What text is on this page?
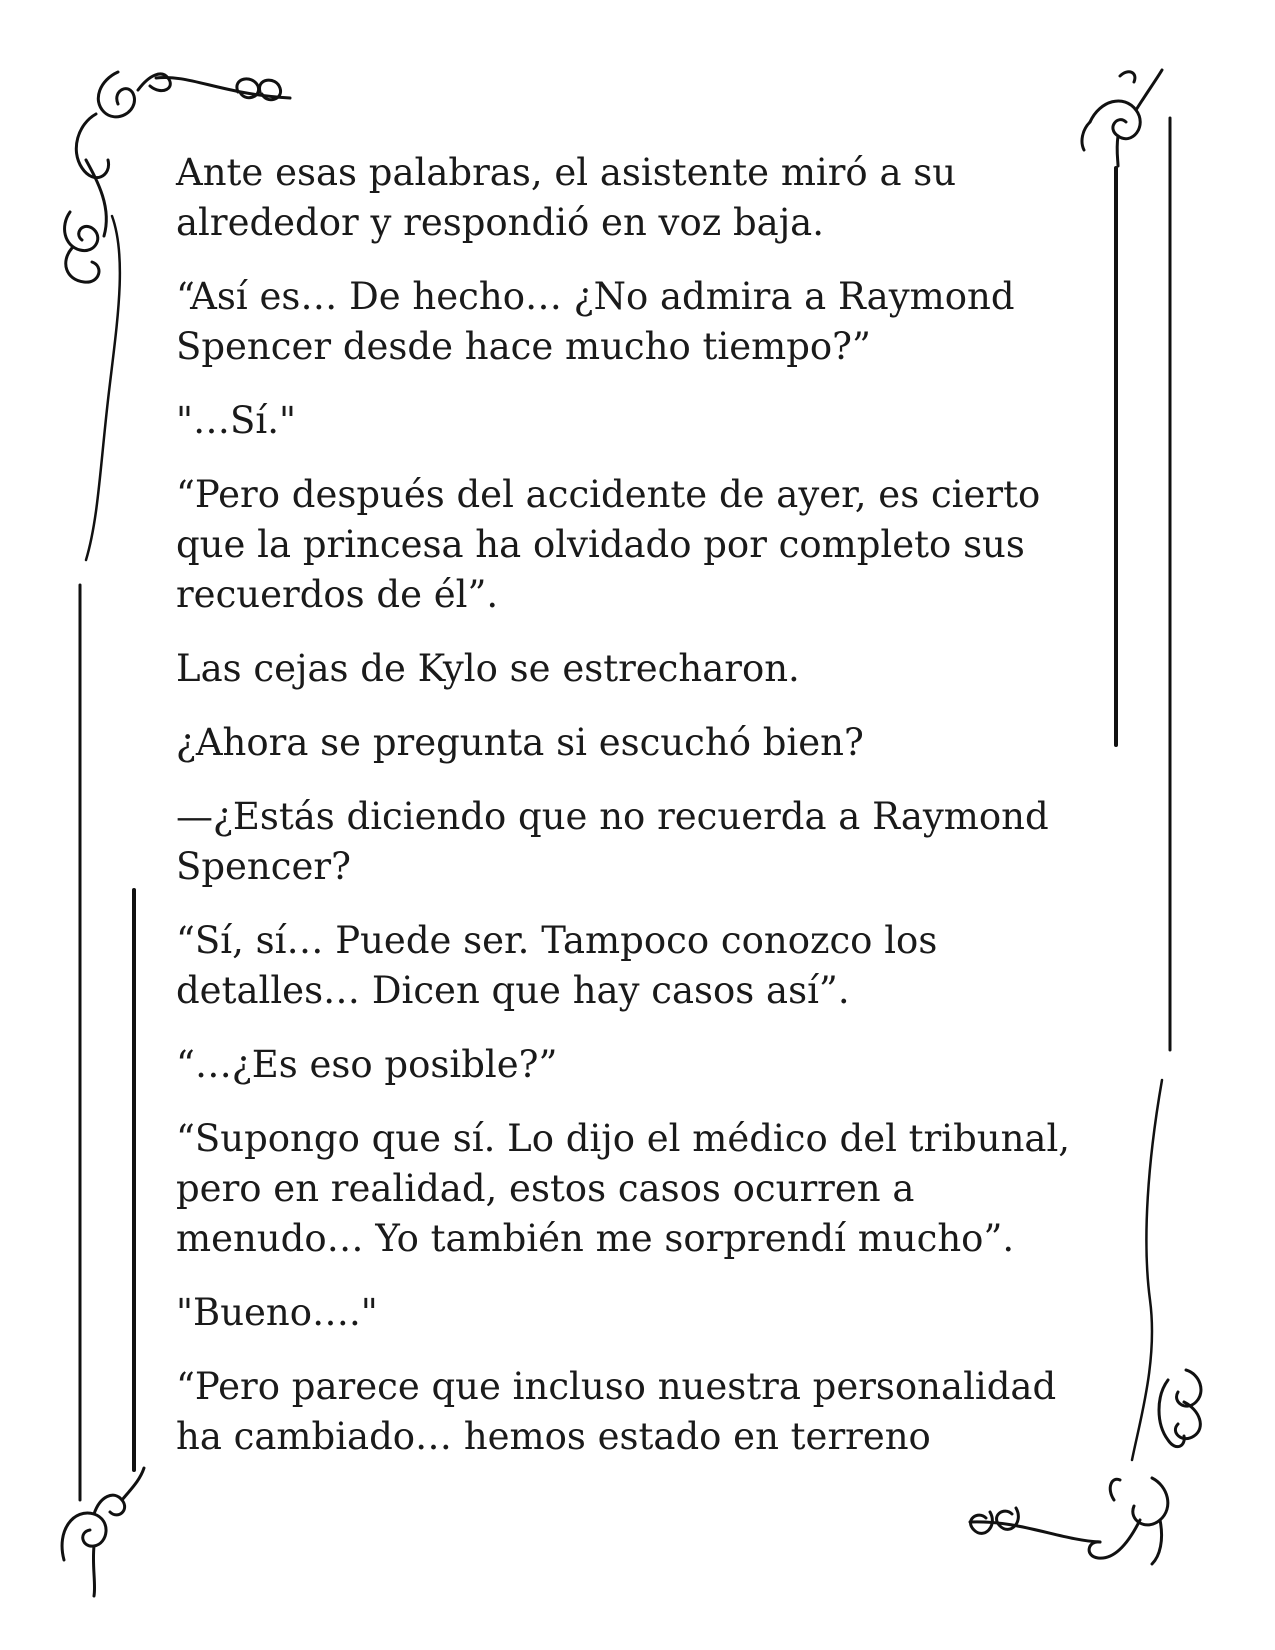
Ante esas palabras, el asistente miró a su alrededor y respondió en voz baja.

“Así es… De hecho… ¿No admira a Raymond Spencer desde hace mucho tiempo?”

"…Sí."

“Pero después del accidente de ayer, es cierto que la princesa ha olvidado por completo sus recuerdos de él”.

Las cejas de Kylo se estrecharon.

¿Ahora se pregunta si escuchó bien?

—¿Estás diciendo que no recuerda a Raymond Spencer?

“Sí, sí… Puede ser. Tampoco conozco los detalles… Dicen que hay casos así”.

“…¿Es eso posible?”

“Supongo que sí. Lo dijo el médico del tribunal, pero en realidad, estos casos ocurren a menudo… Yo también me sorprendí mucho”.

"Bueno…."

“Pero parece que incluso nuestra personalidad ha cambiado… hemos estado en terreno
